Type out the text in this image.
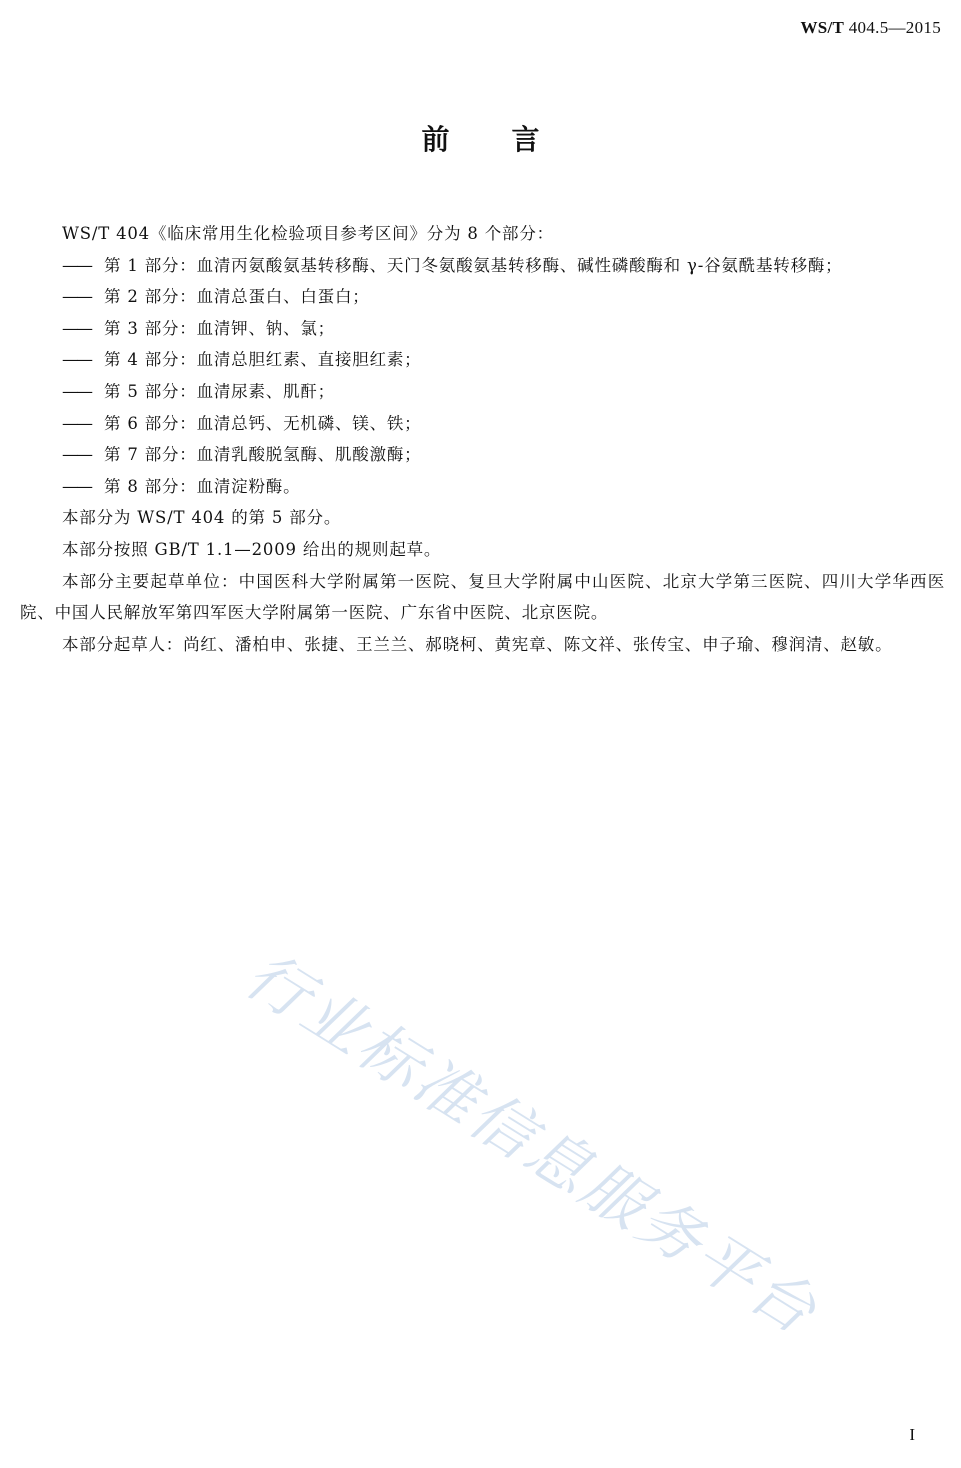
WS/T 404.5—2015
前 言

WS/T 404《临床常用生化检验项目参考区间》分为 8 个部分：

—— 第 1 部分：血清丙氨酸氨基转移酶、天门冬氨酸氨基转移酶、碱性磷酸酶和 γ-谷氨酰基转移酶；

—— 第 2 部分：血清总蛋白、白蛋白；

—— 第 3 部分：血清钾、钠、氯；

—— 第 4 部分：血清总胆红素、直接胆红素；

—— 第 5 部分：血清尿素、肌酐；

—— 第 6 部分：血清总钙、无机磷、镁、铁；

—— 第 7 部分：血清乳酸脱氢酶、肌酸激酶；

—— 第 8 部分：血清淀粉酶。

本部分为 WS/T 404 的第 5 部分。

本部分按照 GB/T 1.1—2009 给出的规则起草。

本部分主要起草单位：中国医科大学附属第一医院、复旦大学附属中山医院、北京大学第三医院、四川大学华西医院、中国人民解放军第四军医大学附属第一医院、广东省中医院、北京医院。

本部分起草人：尚红、潘柏申、张捷、王兰兰、郝晓柯、黄宪章、陈文祥、张传宝、申子瑜、穆润清、赵敏。

行业标准信息服务平台
I
